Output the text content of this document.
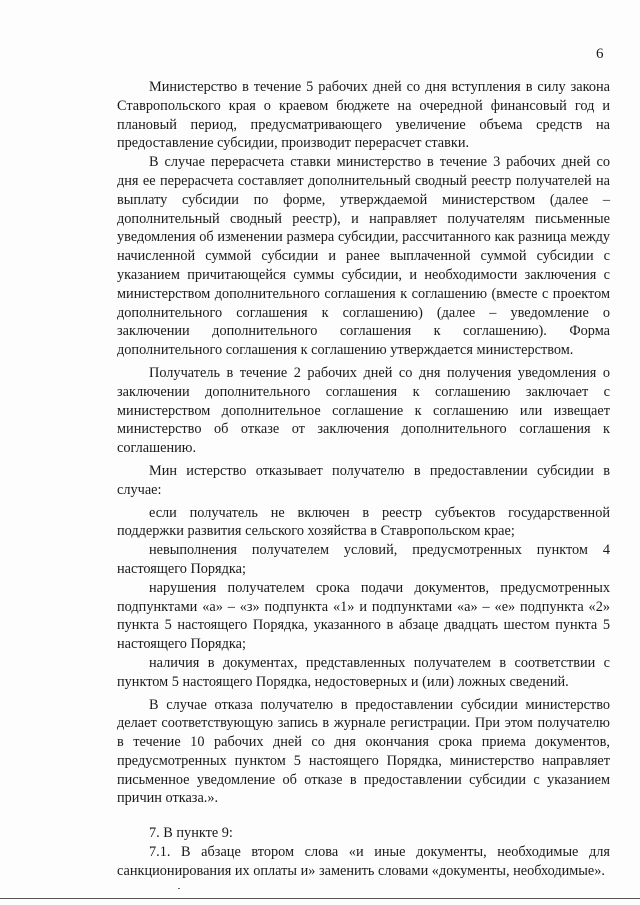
6

Министерство в течение 5 рабочих дней со дня вступления в силу закона Ставропольского края о краевом бюджете на очередной финансовый год и плановый период, предусматривающего увеличение объема средств на предоставление субсидии, производит перерасчет ставки.

В случае перерасчета ставки министерство в течение 3 рабочих дней со дня ее перерасчета составляет дополнительный сводный реестр получателей на выплату субсидии по форме, утверждаемой министерством (далее – дополнительный сводный реестр), и направляет получателям письменные уведомления об изменении размера субсидии, рассчитанного как разница между начисленной суммой субсидии и ранее выплаченной суммой субсидии с указанием причитающейся суммы субсидии, и необходимости заключения с министерством дополнительного соглашения к соглашению (вместе с проектом дополнительного соглашения к соглашению) (далее – уведомление о заключении дополнительного соглашения к соглашению). Форма дополнительного соглашения к соглашению утверждается министерством.

Получатель в течение 2 рабочих дней со дня получения уведомления о заключении дополнительного соглашения к соглашению заключает с министерством дополнительное соглашение к соглашению или извещает министерство об отказе от заключения дополнительного соглашения к соглашению.

Мин истерство отказывает получателю в предоставлении субсидии в случае:

если получатель не включен в реестр субъектов государственной поддержки развития сельского хозяйства в Ставропольском крае;

невыполнения получателем условий, предусмотренных пунктом 4 настоящего Порядка;

нарушения получателем срока подачи документов, предусмотренных подпунктами «а» – «з» подпункта «1» и подпунктами «а» – «е» подпункта «2» пункта 5 настоящего Порядка, указанного в абзаце двадцать шестом пункта 5 настоящего Порядка;

наличия в документах, представленных получателем в соответствии с пунктом 5 настоящего Порядка, недостоверных и (или) ложных сведений.

В случае отказа получателю в предоставлении субсидии министерство делает соответствующую запись в журнале регистрации. При этом получателю в течение 10 рабочих дней со дня окончания срока приема документов, предусмотренных пунктом 5 настоящего Порядка, министерство направляет письменное уведомление об отказе в предоставлении субсидии с указанием причин отказа.».

7. В пункте 9:

7.1. В абзаце втором слова «и иные документы, необходимые для санкционирования их оплаты и» заменить словами «документы, необходимые».
